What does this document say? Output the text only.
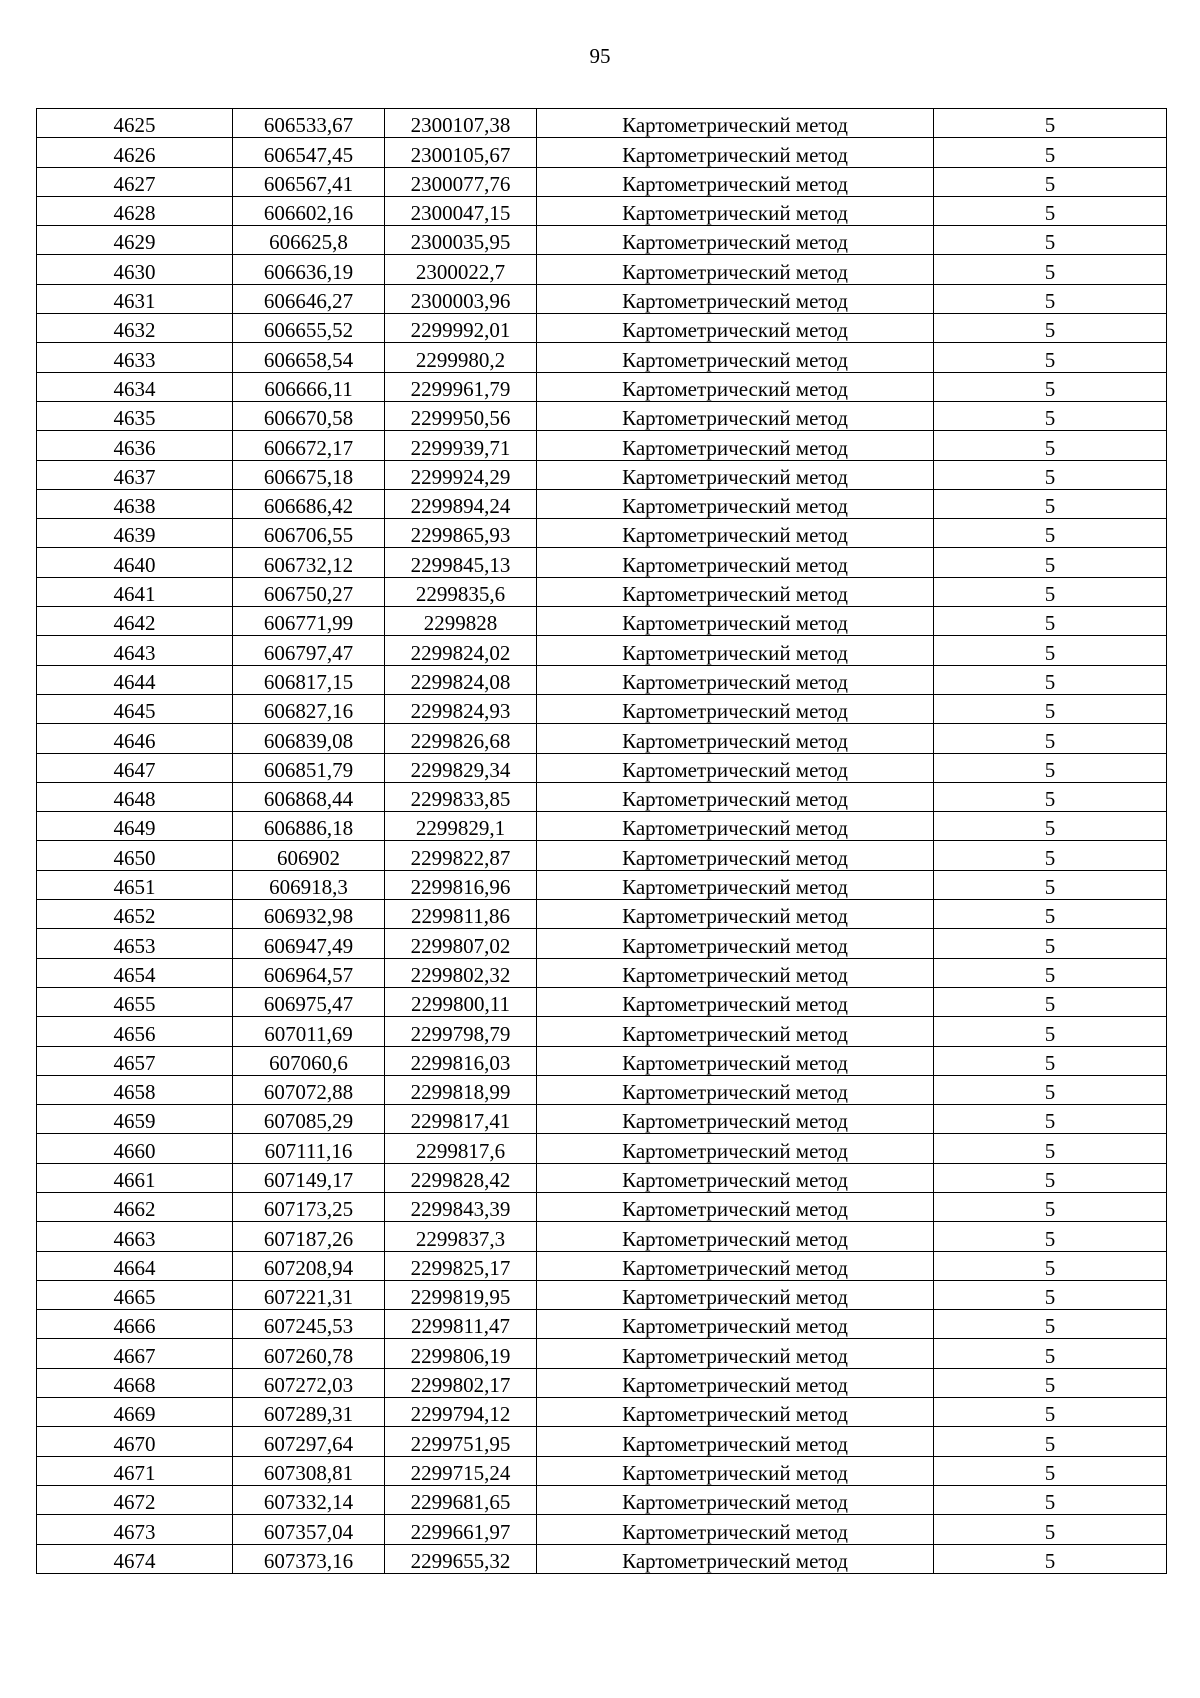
95
4625	606533,67	2300107,38	Картометрический метод	5
4626	606547,45	2300105,67	Картометрический метод	5
4627	606567,41	2300077,76	Картометрический метод	5
4628	606602,16	2300047,15	Картометрический метод	5
4629	606625,8	2300035,95	Картометрический метод	5
4630	606636,19	2300022,7	Картометрический метод	5
4631	606646,27	2300003,96	Картометрический метод	5
4632	606655,52	2299992,01	Картометрический метод	5
4633	606658,54	2299980,2	Картометрический метод	5
4634	606666,11	2299961,79	Картометрический метод	5
4635	606670,58	2299950,56	Картометрический метод	5
4636	606672,17	2299939,71	Картометрический метод	5
4637	606675,18	2299924,29	Картометрический метод	5
4638	606686,42	2299894,24	Картометрический метод	5
4639	606706,55	2299865,93	Картометрический метод	5
4640	606732,12	2299845,13	Картометрический метод	5
4641	606750,27	2299835,6	Картометрический метод	5
4642	606771,99	2299828	Картометрический метод	5
4643	606797,47	2299824,02	Картометрический метод	5
4644	606817,15	2299824,08	Картометрический метод	5
4645	606827,16	2299824,93	Картометрический метод	5
4646	606839,08	2299826,68	Картометрический метод	5
4647	606851,79	2299829,34	Картометрический метод	5
4648	606868,44	2299833,85	Картометрический метод	5
4649	606886,18	2299829,1	Картометрический метод	5
4650	606902	2299822,87	Картометрический метод	5
4651	606918,3	2299816,96	Картометрический метод	5
4652	606932,98	2299811,86	Картометрический метод	5
4653	606947,49	2299807,02	Картометрический метод	5
4654	606964,57	2299802,32	Картометрический метод	5
4655	606975,47	2299800,11	Картометрический метод	5
4656	607011,69	2299798,79	Картометрический метод	5
4657	607060,6	2299816,03	Картометрический метод	5
4658	607072,88	2299818,99	Картометрический метод	5
4659	607085,29	2299817,41	Картометрический метод	5
4660	607111,16	2299817,6	Картометрический метод	5
4661	607149,17	2299828,42	Картометрический метод	5
4662	607173,25	2299843,39	Картометрический метод	5
4663	607187,26	2299837,3	Картометрический метод	5
4664	607208,94	2299825,17	Картометрический метод	5
4665	607221,31	2299819,95	Картометрический метод	5
4666	607245,53	2299811,47	Картометрический метод	5
4667	607260,78	2299806,19	Картометрический метод	5
4668	607272,03	2299802,17	Картометрический метод	5
4669	607289,31	2299794,12	Картометрический метод	5
4670	607297,64	2299751,95	Картометрический метод	5
4671	607308,81	2299715,24	Картометрический метод	5
4672	607332,14	2299681,65	Картометрический метод	5
4673	607357,04	2299661,97	Картометрический метод	5
4674	607373,16	2299655,32	Картометрический метод	5
